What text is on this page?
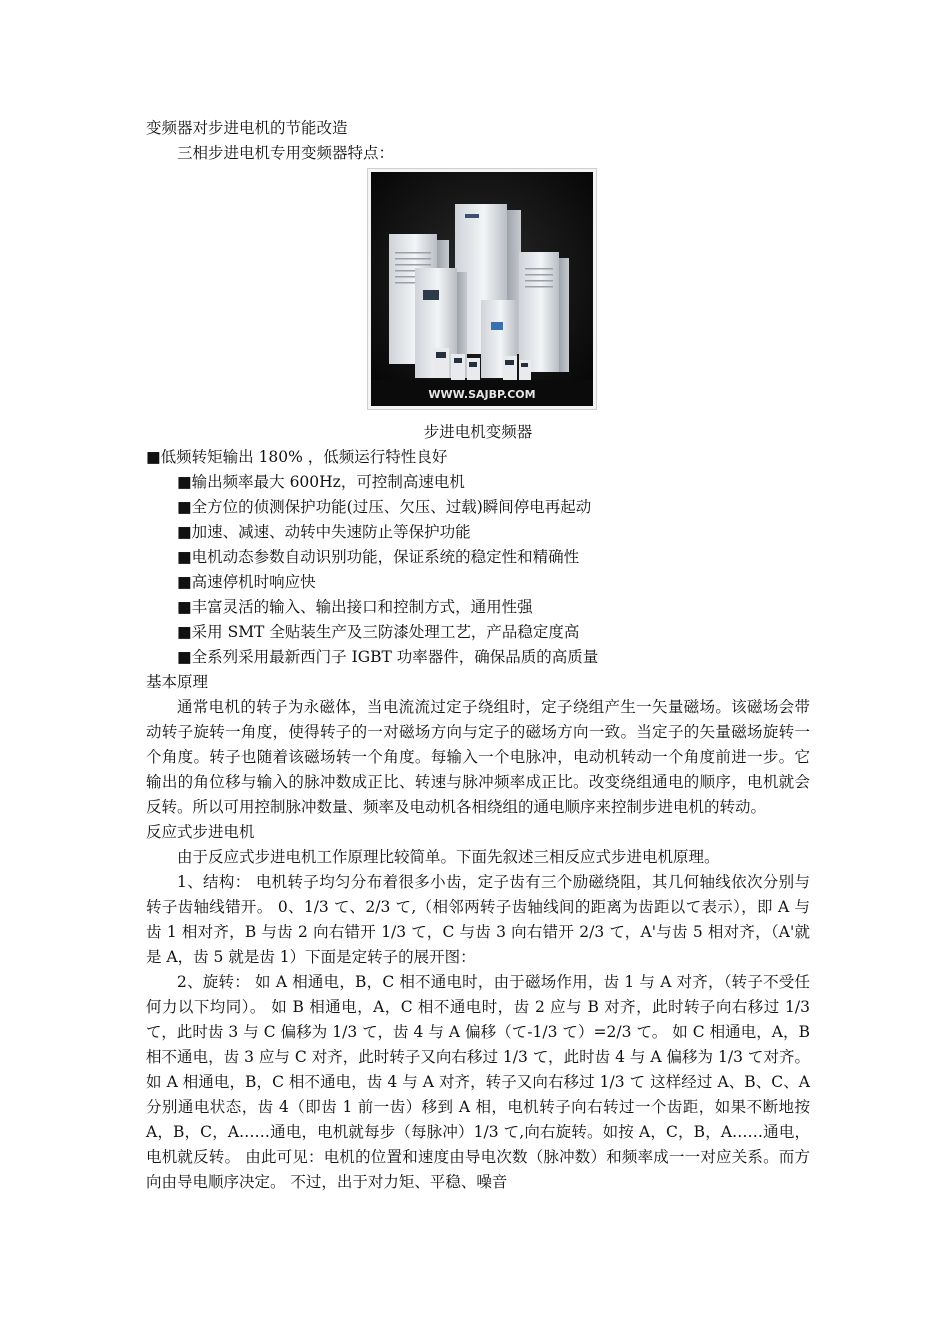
变频器对步进电机的节能改造
三相步进电机专用变频器特点：
WWW.SAJBP.COM
步进电机变频器
■低频转矩输出 180% ，低频运行特性良好
■输出频率最大 600Hz，可控制高速电机
■全方位的侦测保护功能(过压、欠压、过载)瞬间停电再起动
■加速、减速、动转中失速防止等保护功能
■电机动态参数自动识别功能，保证系统的稳定性和精确性
■高速停机时响应快
■丰富灵活的输入、输出接口和控制方式，通用性强
■采用 SMT 全贴装生产及三防漆处理工艺，产品稳定度高
■全系列采用最新西门子 IGBT 功率器件，确保品质的高质量
基本原理

通常电机的转子为永磁体，当电流流过定子绕组时，定子绕组产生一矢量磁场。该磁场会带动转子旋转一角度，使得转子的一对磁场方向与定子的磁场方向一致。当定子的矢量磁场旋转一个角度。转子也随着该磁场转一个角度。每输入一个电脉冲，电动机转动一个角度前进一步。它输出的角位移与输入的脉冲数成正比、转速与脉冲频率成正比。改变绕组通电的顺序，电机就会反转。所以可用控制脉冲数量、频率及电动机各相绕组的通电顺序来控制步进电机的转动。

反应式步进电机

由于反应式步进电机工作原理比较简单。下面先叙述三相反应式步进电机原理。

1、结构： 电机转子均匀分布着很多小齿，定子齿有三个励磁绕阻，其几何轴线依次分别与转子齿轴线错开。 0、1/3 て、2/3 て,（相邻两转子齿轴线间的距离为齿距以て表示），即 A 与齿 1 相对齐，B 与齿 2 向右错开 1/3 て，C 与齿 3 向右错开 2/3 て，A'与齿 5 相对齐，（A'就是 A，齿 5 就是齿 1）下面是定转子的展开图：

2、旋转： 如 A 相通电，B，C 相不通电时，由于磁场作用，齿 1 与 A 对齐，（转子不受任何力以下均同）。 如 B 相通电，A，C 相不通电时，齿 2 应与 B 对齐，此时转子向右移过 1/3 て，此时齿 3 与 C 偏移为 1/3 て，齿 4 与 A 偏移（て-1/3 て）=2/3 て。 如 C 相通电，A，B 相不通电，齿 3 应与 C 对齐，此时转子又向右移过 1/3 て，此时齿 4 与 A 偏移为 1/3 て对齐。 如 A 相通电，B，C 相不通电，齿 4 与 A 对齐，转子又向右移过 1/3 て 这样经过 A、B、C、A 分别通电状态，齿 4（即齿 1 前一齿）移到 A 相，电机转子向右转过一个齿距，如果不断地按 A，B，C，A……通电，电机就每步（每脉冲）1/3 て,向右旋转。如按 A，C，B，A……通电，电机就反转。 由此可见：电机的位置和速度由导电次数（脉冲数）和频率成一一对应关系。而方向由导电顺序决定。 不过，出于对力矩、平稳、噪音
